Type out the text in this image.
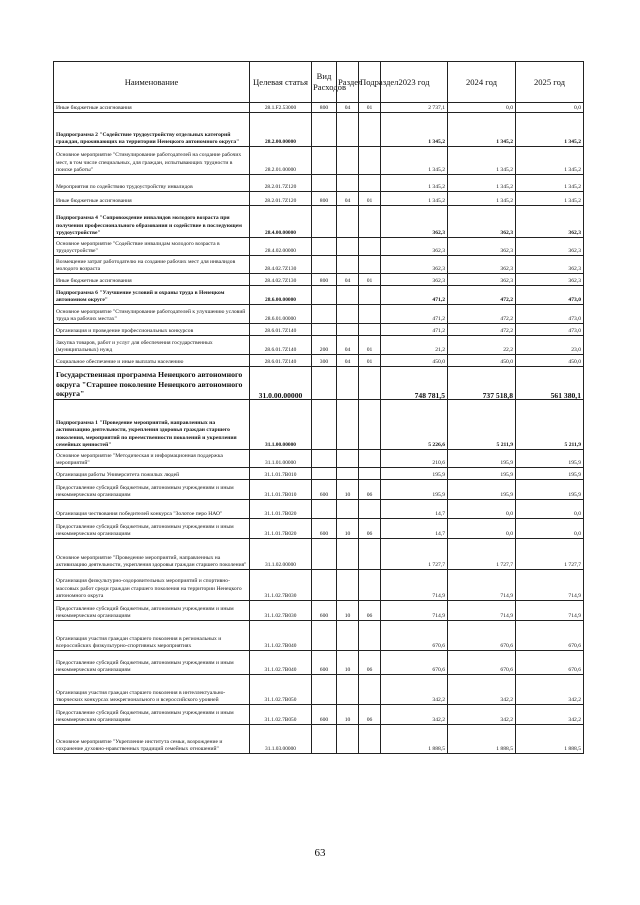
Наименование	Целевая статья	Вид Расходов	Раздел	Подраздел	2023 год	2024 год	2025 год
Иные бюджетные ассигнования	28.1.F2.53000	800	04	01	2 737,1	0,0	0,0
Подпрограмма 2 "Содействие трудоустройству отдельных категорий граждан, проживающих на территории Ненецкого автономного округа"	28.2.00.00000				1 345,2	1 345,2	1 345,2
Основное мероприятие "Стимулирование работодателей на создание рабочих мест, в том числе специальных, для граждан, испытывающих трудности в поиске работы"	28.2.01.00000				1 345,2	1 345,2	1 345,2
Мероприятия по содействию трудоустройству инвалидов	28.2.01.7Z120				1 345,2	1 345,2	1 345,2
Иные бюджетные ассигнования	28.2.01.7Z120	800	04	01	1 345,2	1 345,2	1 345,2
Подпрограмма 4 "Сопровождение инвалидов молодого возраста при получении профессионального образования и содействие в последующем трудоустройстве"	28.4.00.00000				362,3	362,3	362,3
Основное мероприятие "Содействие инвалидам молодого возраста в трудоустройстве"	28.4.02.00000				362,3	362,3	362,3
Возмещение затрат работодателю на создание рабочих мест для инвалидов молодого возраста	28.4.02.7Z130				362,3	362,3	362,3
Иные бюджетные ассигнования	28.4.02.7Z130	800	04	01	362,3	362,3	362,3
Подпрограмма 6 "Улучшение условий и охраны труда в Ненецком автономном округе"	28.6.00.00000				471,2	472,2	473,0
Основное мероприятие "Стимулирование работодателей к улучшению условий труда на рабочих местах"	28.6.01.00000				471,2	472,2	473,0
Организация и проведение профессиональных конкурсов	28.6.01.7Z140				471,2	472,2	473,0
Закупка товаров, работ и услуг для обеспечения государственных (муниципальных) нужд	28.6.01.7Z140	200	04	01	21,2	22,2	23,0
Социальное обеспечение и иные выплаты населению	28.6.01.7Z140	300	04	01	450,0	450,0	450,0
Государственная программа Ненецкого автономного округа "Старшее поколение Ненецкого автономного округа"	31.0.00.00000				748 781,5	737 518,8	561 380,1
Подпрограмма 1 "Проведение мероприятий, направленных на активизацию деятельности, укрепления здоровья граждан старшего поколения, мероприятий по преемственности поколений и укрепления семейных ценностей"	31.1.00.00000				5 226,6	5 211,9	5 211,9
Основное мероприятие "Методическая и информационная поддержка мероприятий"	31.1.01.00000				210,6	195,9	195,9
Организация работы Университета пожилых людей	31.1.01.7B010				195,9	195,9	195,9
Предоставление субсидий бюджетным, автономным учреждениям и иным некоммерческим организациям	31.1.01.7B010	600	10	06	195,9	195,9	195,9
Организация чествования победителей конкурса "Золотое перо НАО"	31.1.01.7B020				14,7	0,0	0,0
Предоставление субсидий бюджетным, автономным учреждениям и иным некоммерческим организациям	31.1.01.7B020	600	10	06	14,7	0,0	0,0
Основное мероприятие "Проведение мероприятий, направленных на активизацию деятельности, укрепления здоровья граждан старшего поколения"	31.1.02.00000				1 727,7	1 727,7	1 727,7
Организация физкультурно-оздоровительных мероприятий и спортивно-массовых работ среди граждан старшего поколения на территории Ненецкого автономного округа	31.1.02.7B030				714,9	714,9	714,9
Предоставление субсидий бюджетным, автономным учреждениям и иным некоммерческим организациям	31.1.02.7B030	600	10	06	714,9	714,9	714,9
Организация участия граждан старшего поколения в региональных и всероссийских физкультурно-спортивных мероприятиях	31.1.02.7B040				670,6	670,6	670,6
Предоставление субсидий бюджетным, автономным учреждениям и иным некоммерческим организациям	31.1.02.7B040	600	10	06	670,6	670,6	670,6
Организация участия граждан старшего поколения в интеллектуально-творческих конкурсах межрегионального и всероссийского уровней	31.1.02.7B050				342,2	342,2	342,2
Предоставление субсидий бюджетным, автономным учреждениям и иным некоммерческим организациям	31.1.02.7B050	600	10	06	342,2	342,2	342,2
Основное мероприятие "Укрепление института семьи, возрождение и сохранение духовно-нравственных традиций семейных отношений"	31.1.03.00000				1 888,5	1 888,5	1 888,5
63
